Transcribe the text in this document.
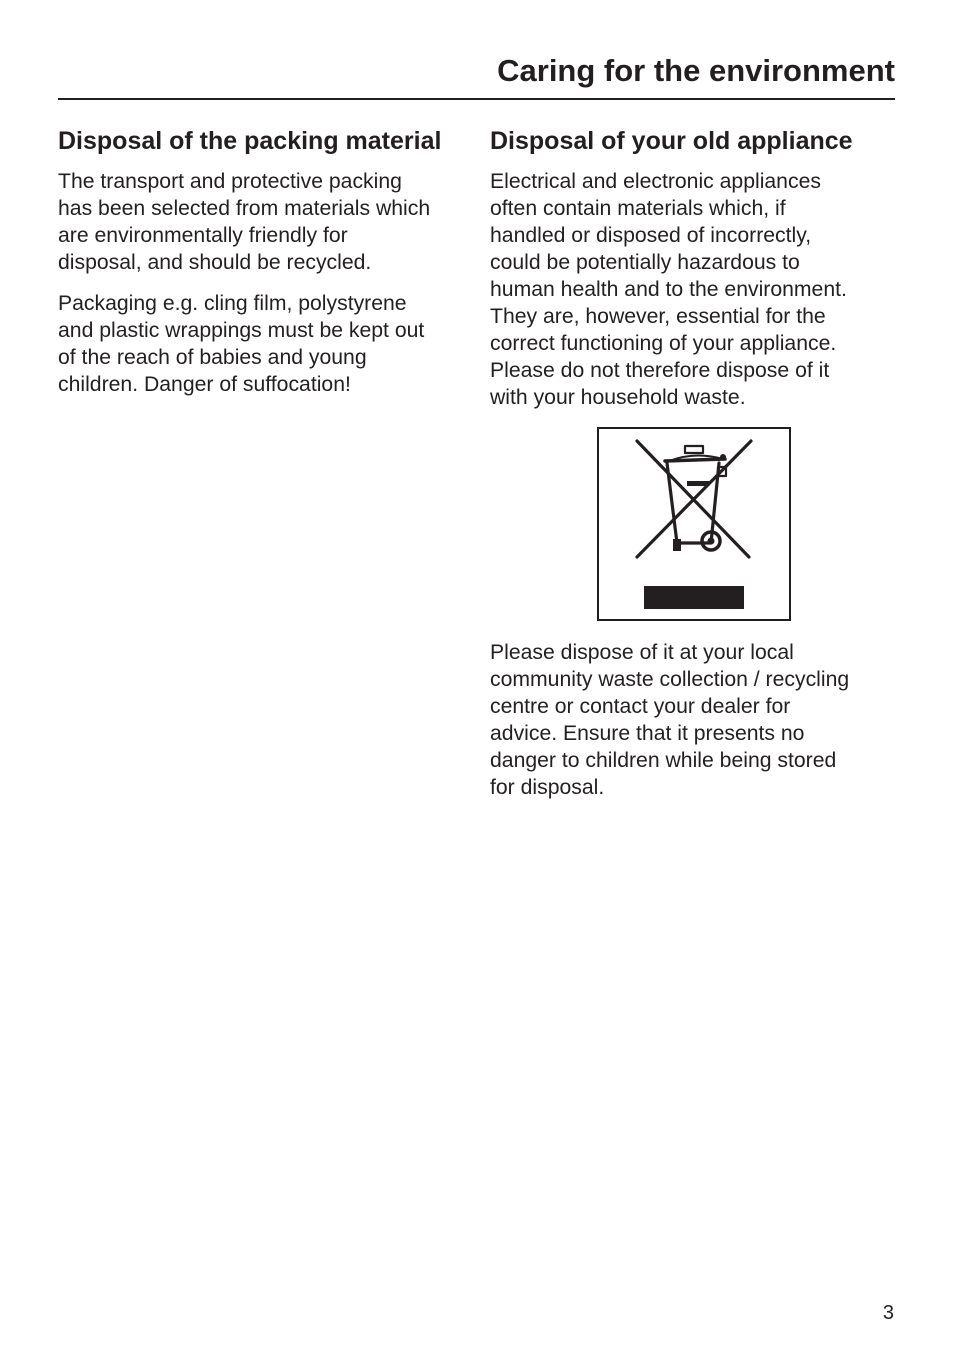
Caring for the environment
Disposal of the packing material

The transport and protective packing
has been selected from materials which
are environmentally friendly for
disposal, and should be recycled.

Packaging e.g. cling film, polystyrene
and plastic wrappings must be kept out
of the reach of babies and young
children. Danger of suffocation!

Disposal of your old appliance

Electrical and electronic appliances
often contain materials which, if
handled or disposed of incorrectly,
could be potentially hazardous to
human health and to the environment.
They are, however, essential for the
correct functioning of your appliance.
Please do not therefore dispose of it
with your household waste.

Please dispose of it at your local
community waste collection / recycling
centre or contact your dealer for
advice. Ensure that it presents no
danger to children while being stored
for disposal.

3
